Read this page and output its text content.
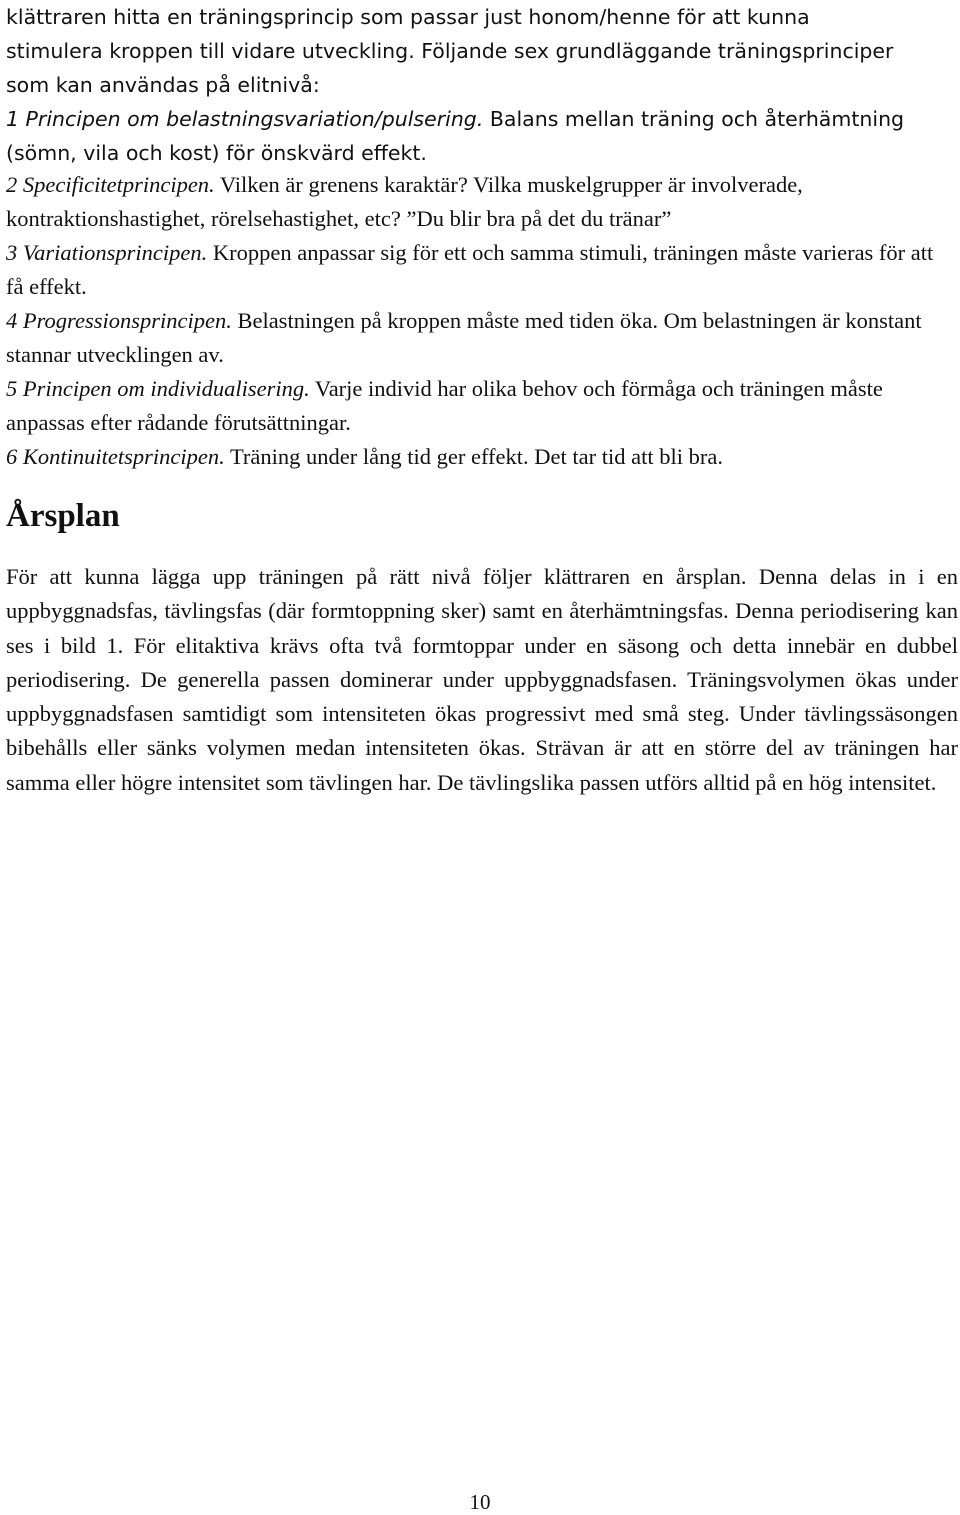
klättraren hitta en träningsprincip som passar just honom/henne för att kunna

stimulera kroppen till vidare utveckling. Följande sex grundläggande träningsprinciper

som kan användas på elitnivå:

1 Principen om belastningsvariation/pulsering. Balans mellan träning och återhämtning

(sömn, vila och kost) för önskvärd effekt.

2 Specificitetprincipen. Vilken är grenens karaktär? Vilka muskelgrupper är involverade, kontraktionshastighet, rörelsehastighet, etc? ”Du blir bra på det du tränar”

3 Variationsprincipen. Kroppen anpassar sig för ett och samma stimuli, träningen måste varieras för att få effekt.

4 Progressionsprincipen. Belastningen på kroppen måste med tiden öka. Om belastningen är konstant stannar utvecklingen av.

5 Principen om individualisering. Varje individ har olika behov och förmåga och träningen måste anpassas efter rådande förutsättningar.

6 Kontinuitetsprincipen. Träning under lång tid ger effekt. Det tar tid att bli bra.

Årsplan

För att kunna lägga upp träningen på rätt nivå följer klättraren en årsplan. Denna delas in i en uppbyggnadsfas, tävlingsfas (där formtoppning sker) samt en återhämtningsfas. Denna periodisering kan ses i bild 1. För elitaktiva krävs ofta två formtoppar under en säsong och detta innebär en dubbel periodisering. De generella passen dominerar under uppbyggnadsfasen. Träningsvolymen ökas under uppbyggnadsfasen samtidigt som intensiteten ökas progressivt med små steg. Under tävlingssäsongen bibehålls eller sänks volymen medan intensiteten ökas. Strävan är att en större del av träningen har samma eller högre intensitet som tävlingen har. De tävlingslika passen utförs alltid på en hög intensitet.

10
